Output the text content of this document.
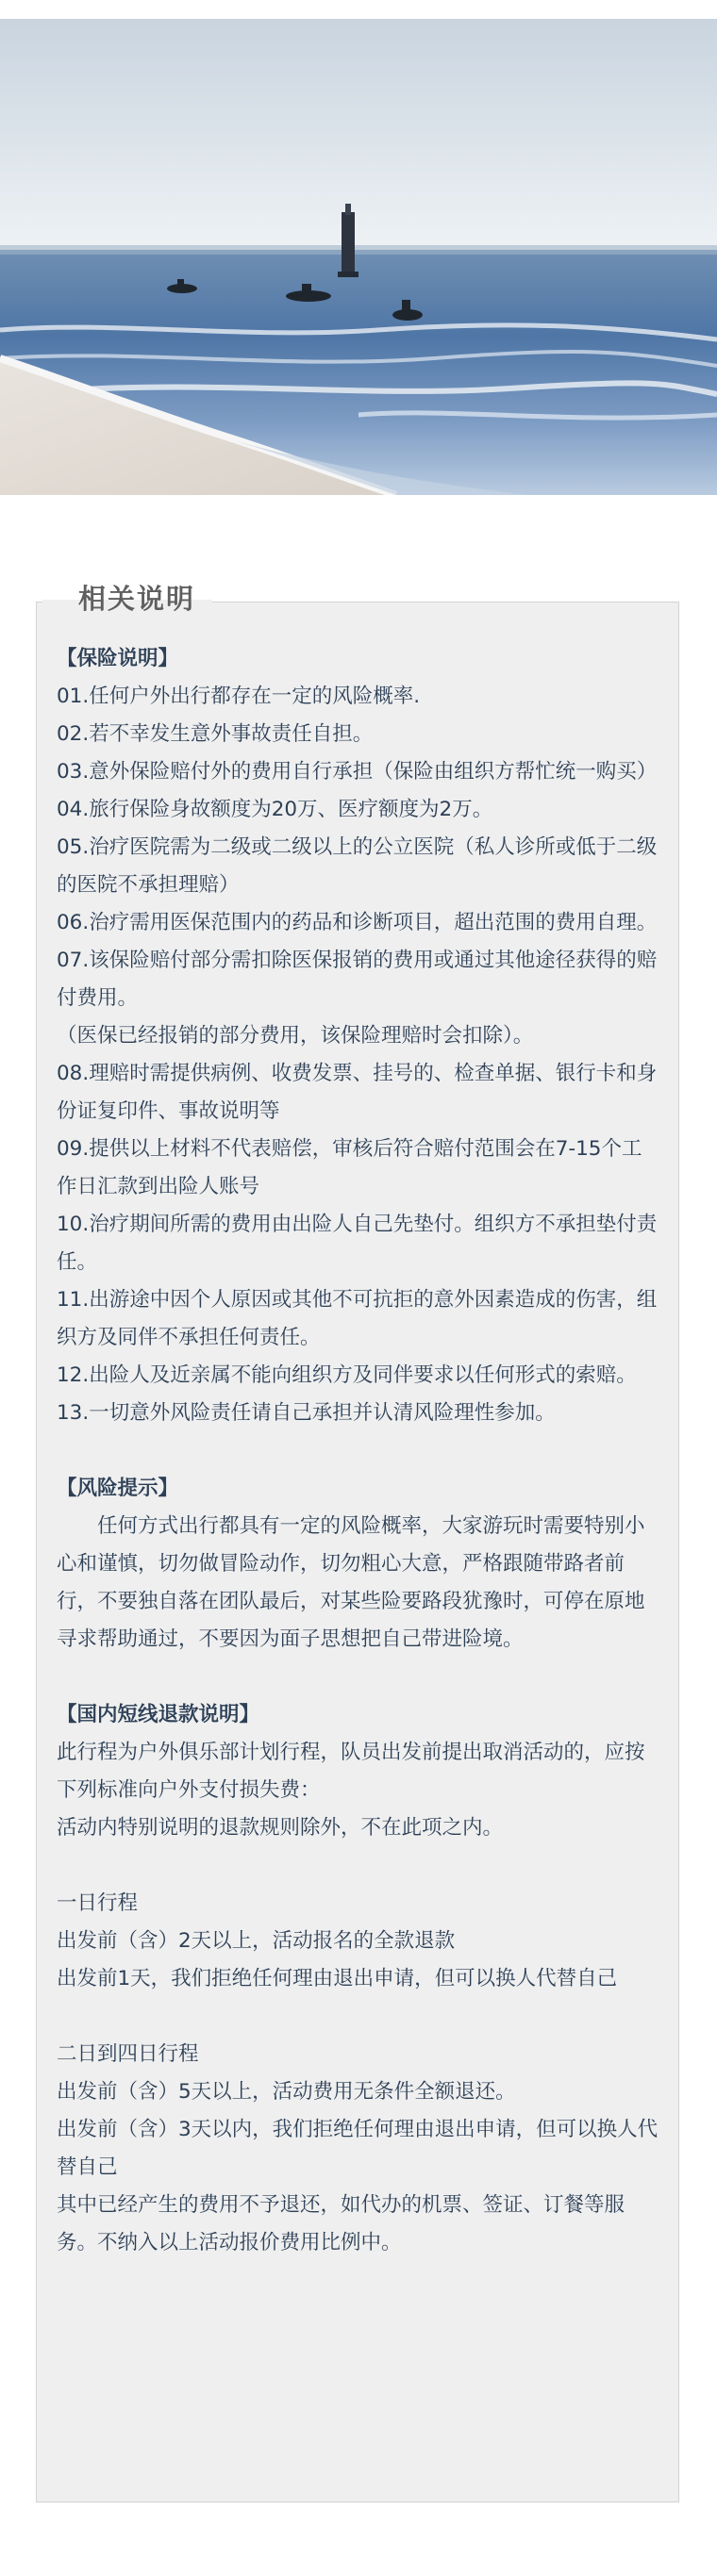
【保险说明】

01.任何户外出行都存在一定的风险概率.

02.若不幸发生意外事故责任自担。

03.意外保险赔付外的费用自行承担（保险由组织方帮忙统一购买）

04.旅行保险身故额度为20万、医疗额度为2万。

05.治疗医院需为二级或二级以上的公立医院（私人诊所或低于二级的医院不承担理赔）

06.治疗需用医保范围内的药品和诊断项目，超出范围的费用自理。

07.该保险赔付部分需扣除医保报销的费用或通过其他途径获得的赔付费用。

（医保已经报销的部分费用，该保险理赔时会扣除）。

08.理赔时需提供病例、收费发票、挂号的、检查单据、银行卡和身份证复印件、事故说明等

09.提供以上材料不代表赔偿，审核后符合赔付范围会在7-15个工作日汇款到出险人账号

10.治疗期间所需的费用由出险人自己先垫付。组织方不承担垫付责任。

11.出游途中因个人原因或其他不可抗拒的意外因素造成的伤害，组织方及同伴不承担任何责任。

12.出险人及近亲属不能向组织方及同伴要求以任何形式的索赔。

13.一切意外风险责任请自己承担并认清风险理性参加。

【风险提示】

任何方式出行都具有一定的风险概率，大家游玩时需要特别小心和谨慎，切勿做冒险动作，切勿粗心大意，严格跟随带路者前行，不要独自落在团队最后，对某些险要路段犹豫时，可停在原地寻求帮助通过，不要因为面子思想把自己带进险境。

【国内短线退款说明】

此行程为户外俱乐部计划行程，队员出发前提出取消活动的，应按下列标准向户外支付损失费：

活动内特别说明的退款规则除外，不在此项之内。

一日行程

出发前（含）2天以上，活动报名的全款退款

出发前1天，我们拒绝任何理由退出申请，但可以换人代替自己

二日到四日行程

出发前（含）5天以上，活动费用无条件全额退还。

出发前（含）3天以内，我们拒绝任何理由退出申请，但可以换人代替自己

其中已经产生的费用不予退还，如代办的机票、签证、订餐等服务。不纳入以上活动报价费用比例中。

相关说明
